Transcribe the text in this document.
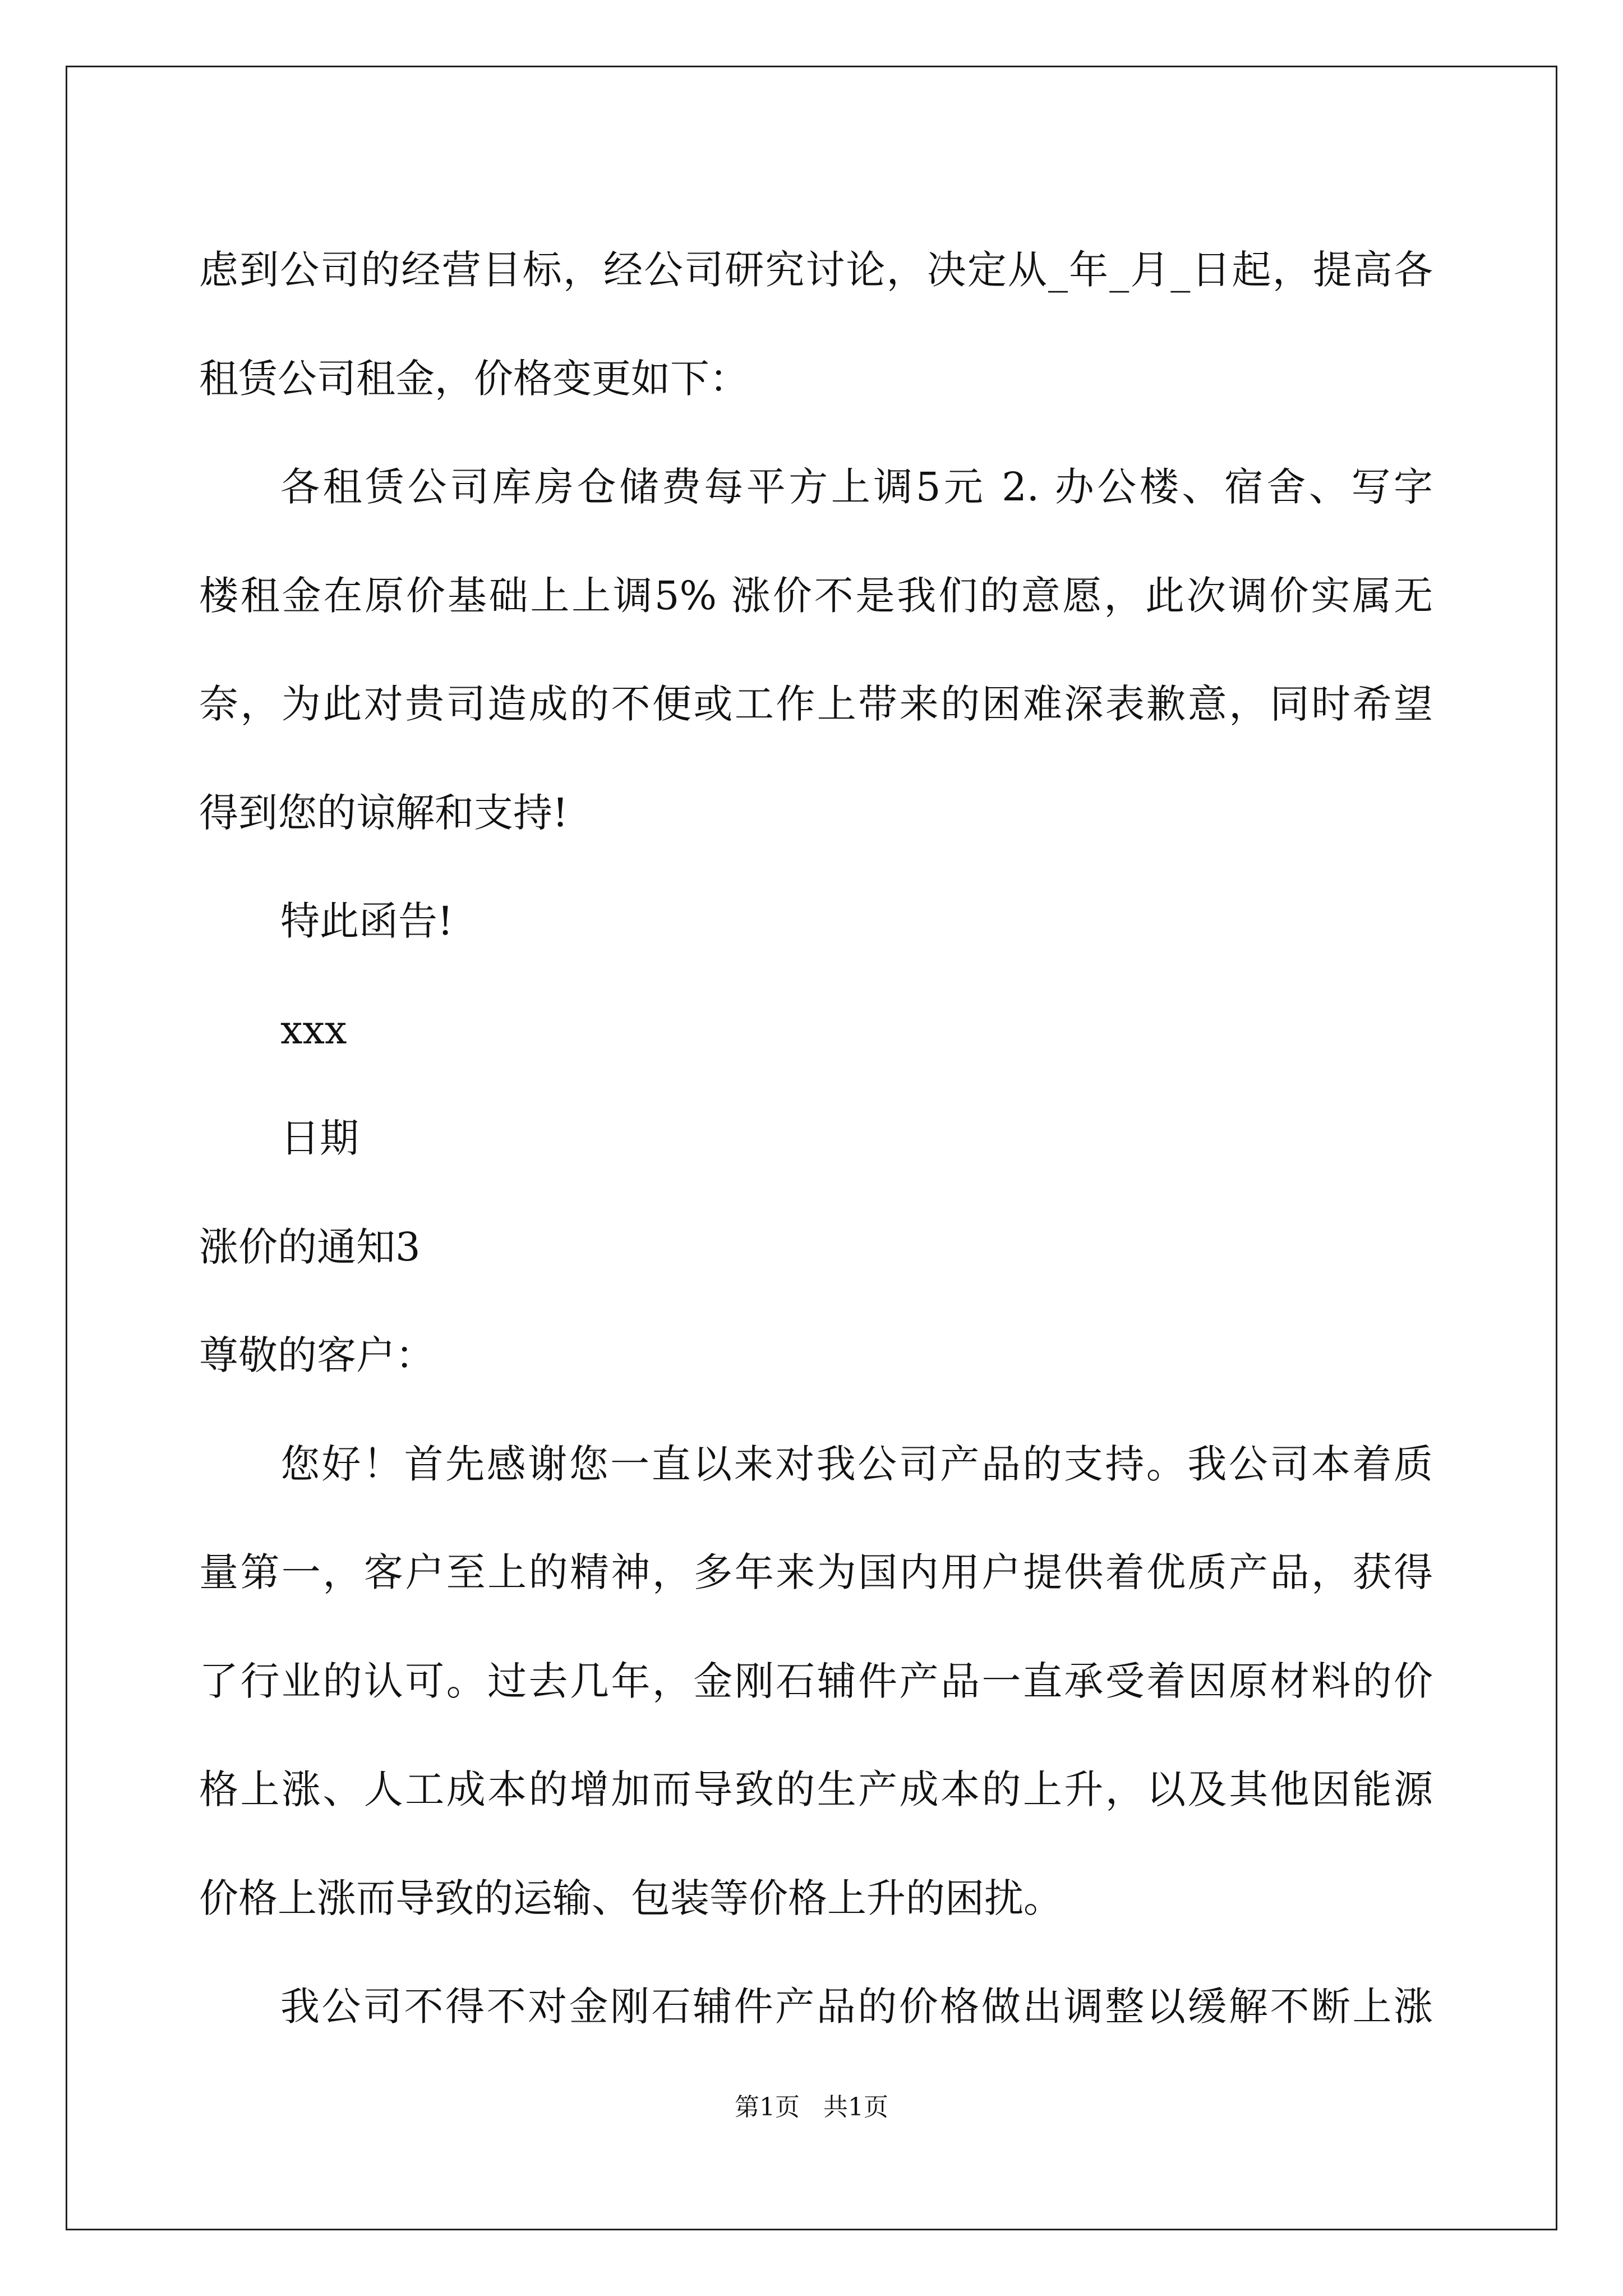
虑到公司的经营目标，经公司研究讨论，决定从_年_月_日起，提高各
租赁公司租金，价格变更如下：
各租赁公司库房仓储费每平方上调5元 2. 办公楼、宿舍、写字
楼租金在原价基础上上调5% 涨价不是我们的意愿，此次调价实属无
奈，为此对贵司造成的不便或工作上带来的困难深表歉意，同时希望
得到您的谅解和支持!
特此函告!
xxx
日期
涨价的通知3
尊敬的客户：
您好！首先感谢您一直以来对我公司产品的支持。我公司本着质
量第一，客户至上的精神，多年来为国内用户提供着优质产品，获得
了行业的认可。过去几年，金刚石辅件产品一直承受着因原材料的价
格上涨、人工成本的增加而导致的生产成本的上升，以及其他因能源
价格上涨而导致的运输、包装等价格上升的困扰。
我公司不得不对金刚石辅件产品的价格做出调整以缓解不断上涨
第1页   共1页
